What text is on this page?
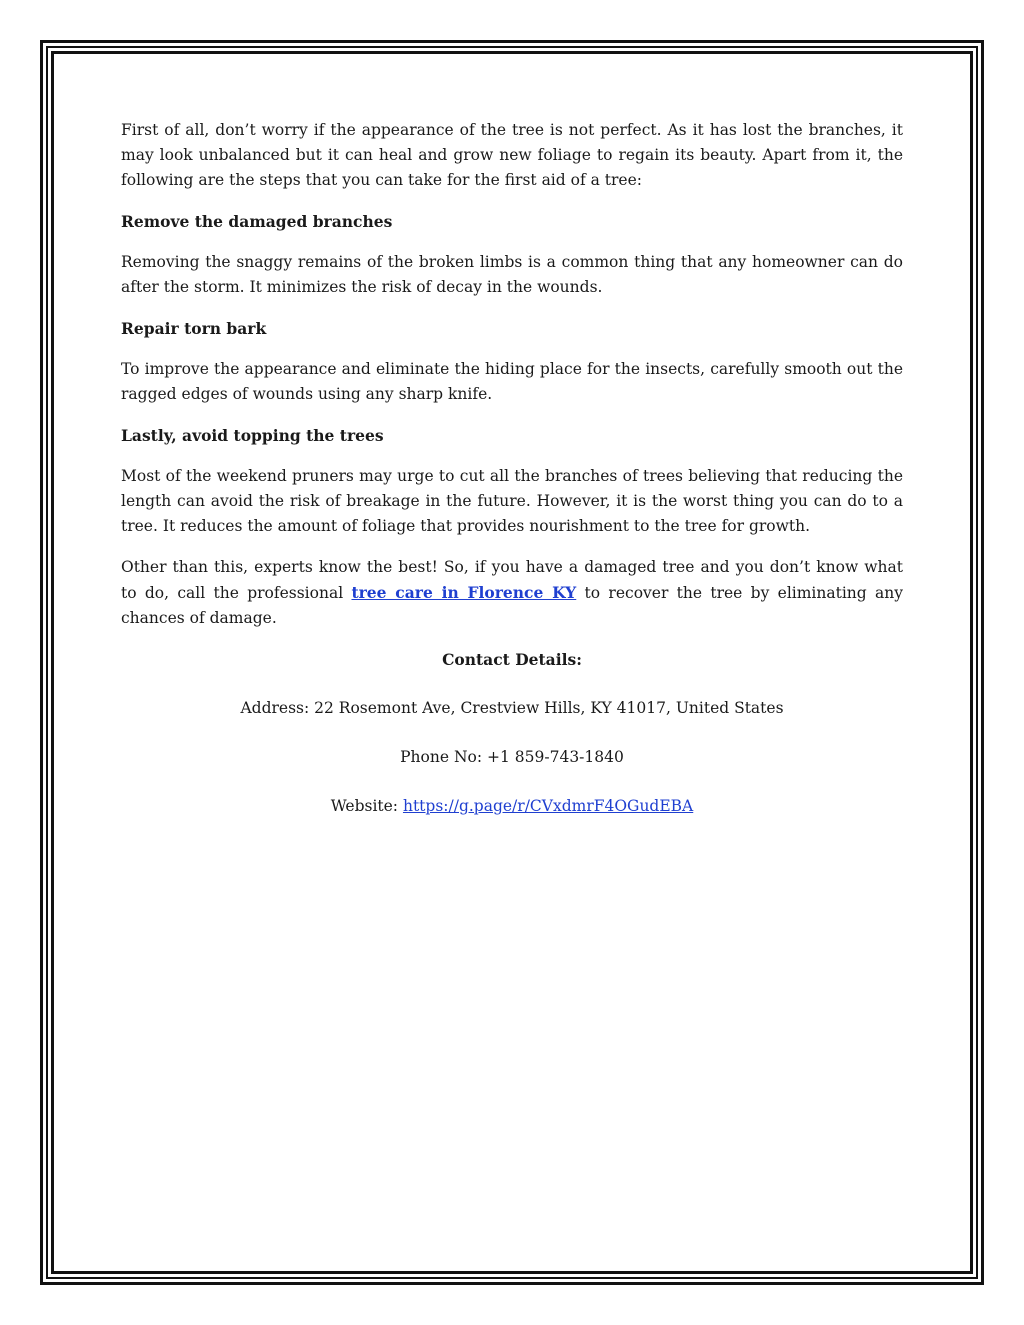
First of all, don’t worry if the appearance of the tree is not perfect. As it has lost the branches, it may look unbalanced but it can heal and grow new foliage to regain its beauty. Apart from it, the following are the steps that you can take for the first aid of a tree:

Remove the damaged branches

Removing the snaggy remains of the broken limbs is a common thing that any homeowner can do after the storm. It minimizes the risk of decay in the wounds.

Repair torn bark

To improve the appearance and eliminate the hiding place for the insects, carefully smooth out the ragged edges of wounds using any sharp knife.

Lastly, avoid topping the trees

Most of the weekend pruners may urge to cut all the branches of trees believing that reducing the length can avoid the risk of breakage in the future. However, it is the worst thing you can do to a tree. It reduces the amount of foliage that provides nourishment to the tree for growth.

Other than this, experts know the best! So, if you have a damaged tree and you don’t know what to do, call the professional tree care in Florence KY to recover the tree by eliminating any chances of damage.

Contact Details:
Address: 22 Rosemont Ave, Crestview Hills, KY 41017, United States
Phone No: +1 859-743-1840
Website: https://g.page/r/CVxdmrF4OGudEBA
